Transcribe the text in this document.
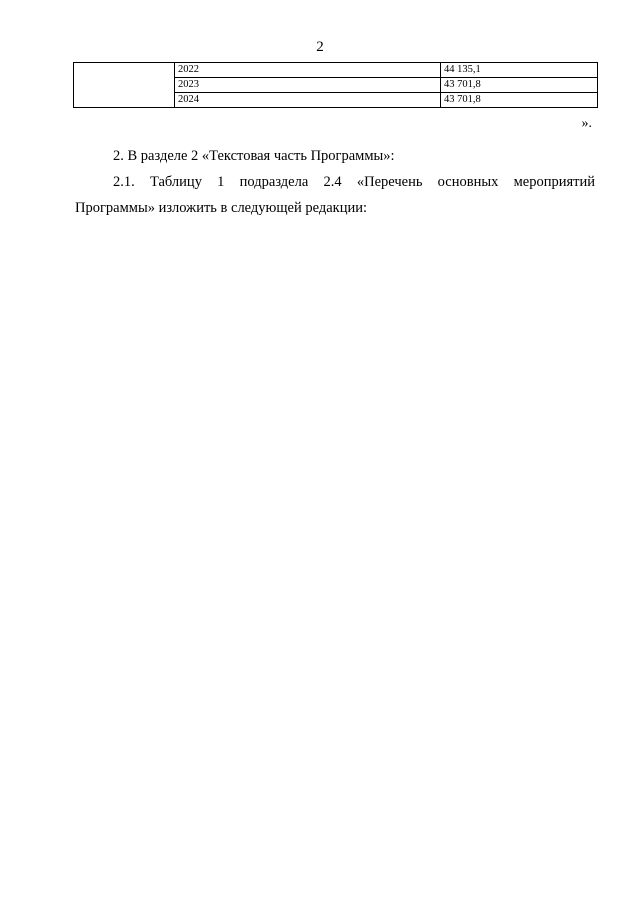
2
	2022	44 135,1
	2023	43 701,8
	2024	43 701,8
».

2. В разделе 2 «Текстовая часть Программы»:

2.1. Таблицу 1 подраздела 2.4 «Перечень основных мероприятий Программы» изложить в следующей редакции:
